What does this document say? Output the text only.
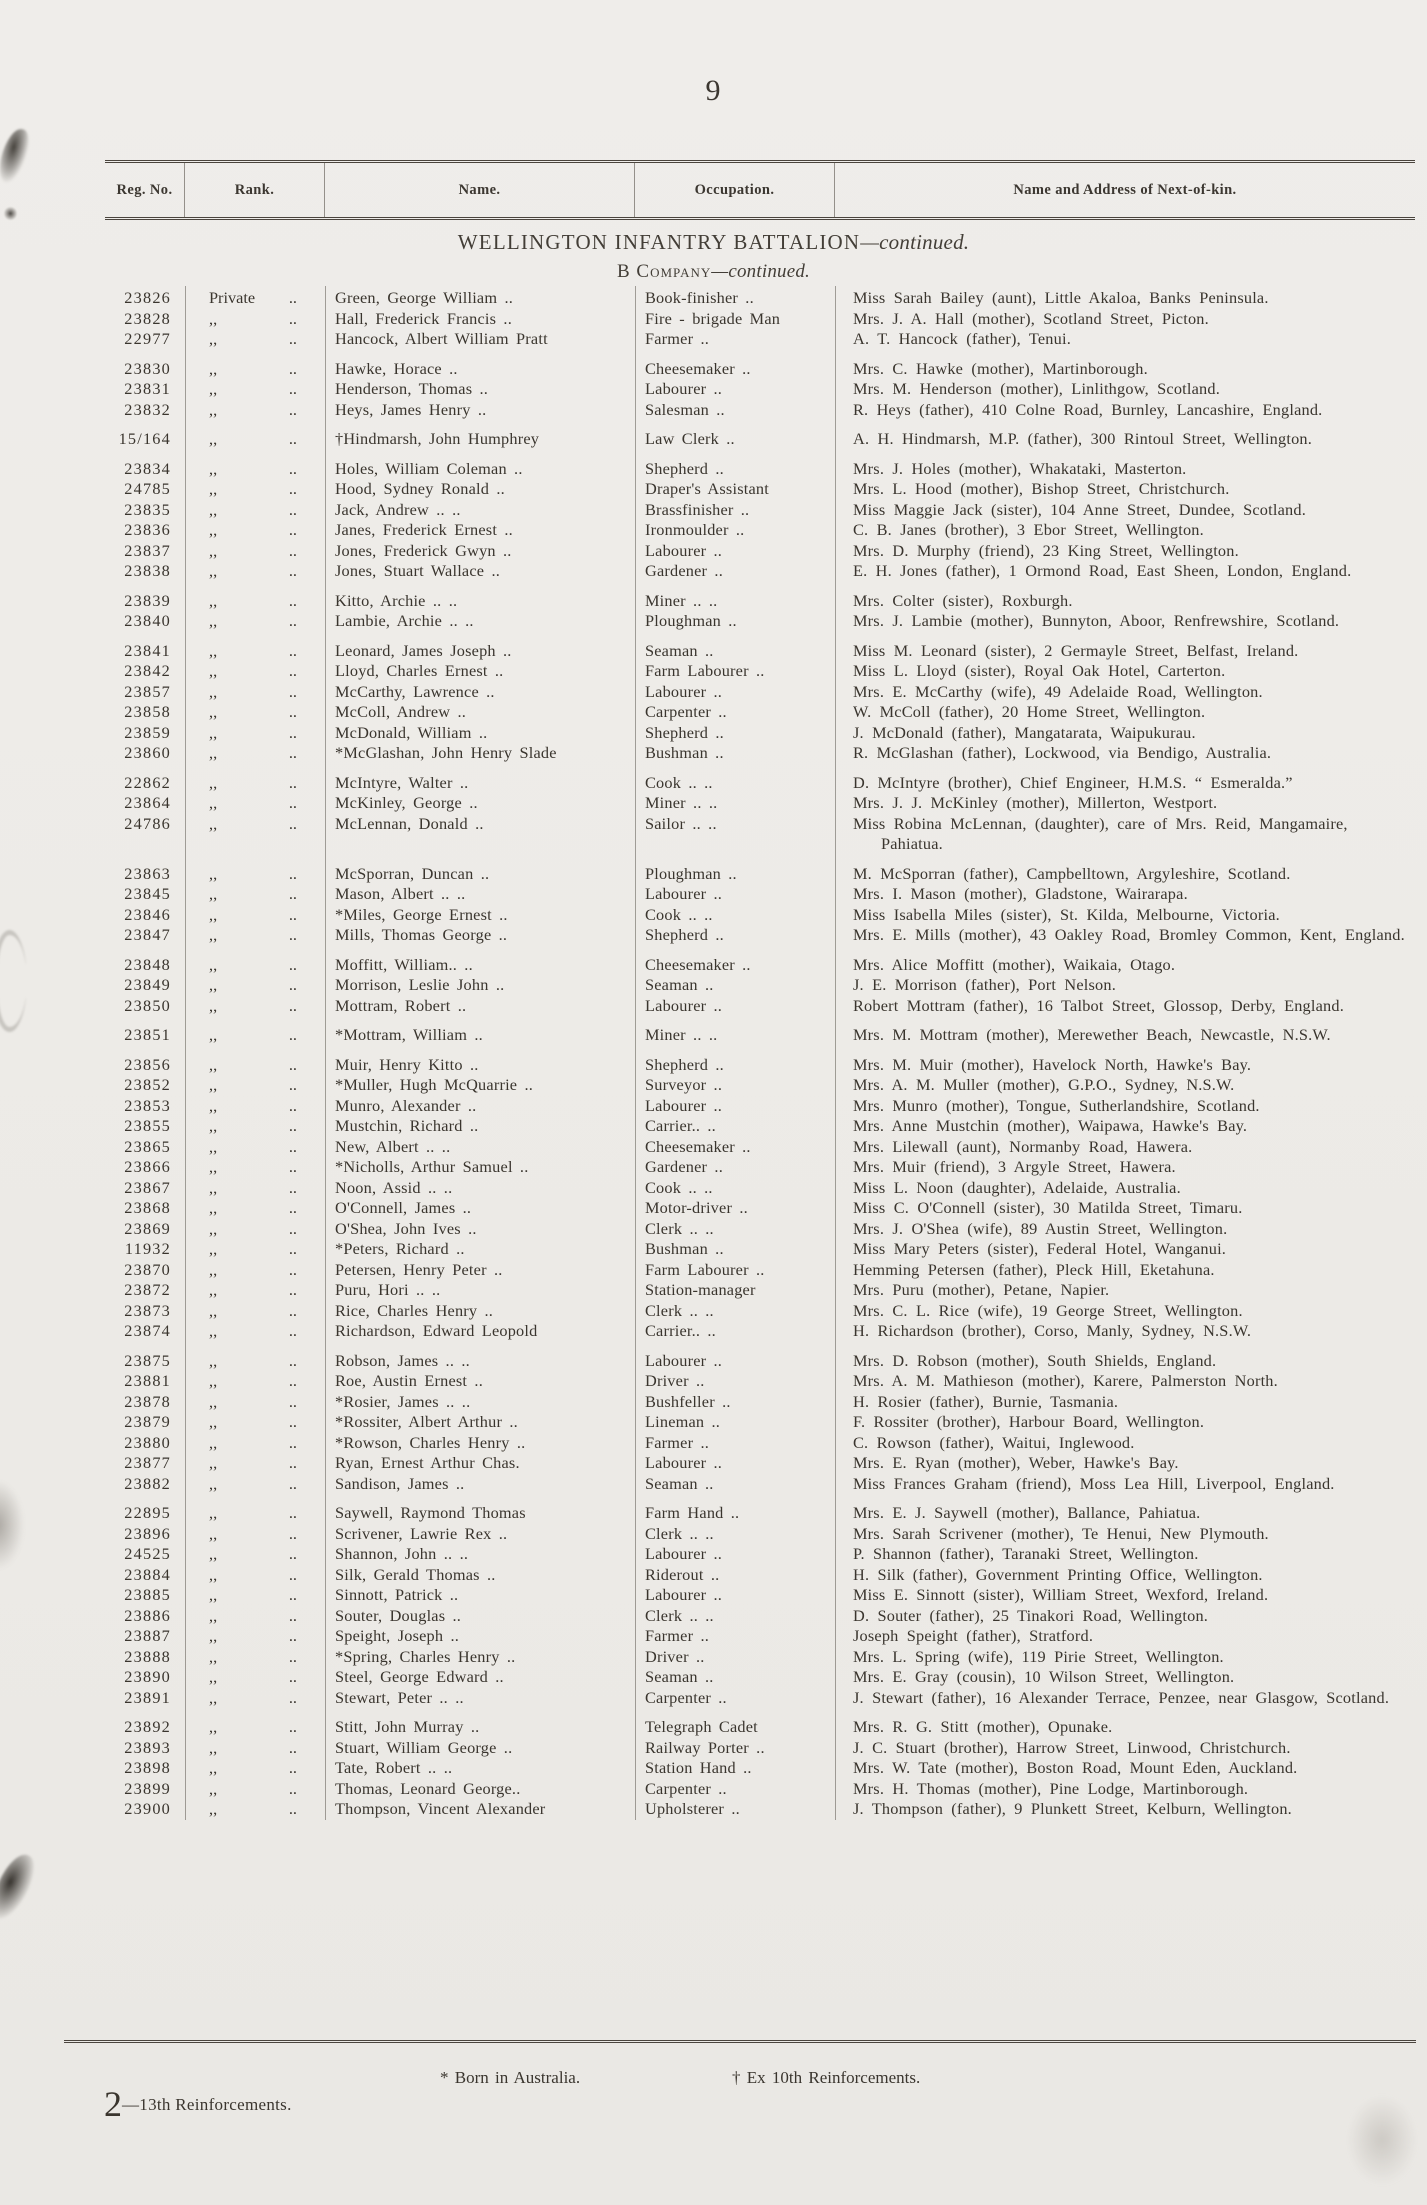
9
Reg. No.	Rank.	Name.	Occupation.	Name and Address of Next-of-kin.
WELLINGTON INFANTRY BATTALION—continued.
B Company—continued.
23826	Private ..	Green, George William ..	Book-finisher ..	Miss Sarah Bailey (aunt), Little Akaloa, Banks Peninsula.
23828	,,	..	Hall, Frederick Francis ..	Fire - brigade Man	Mrs. J. A. Hall (mother), Scotland Street, Picton.
22977	,,	..	Hancock, Albert William Pratt	Farmer ..	A. T. Hancock (father), Tenui.
23830	,,	..	Hawke, Horace ..	Cheesemaker ..	Mrs. C. Hawke (mother), Martinborough.
23831	,,	..	Henderson, Thomas ..	Labourer ..	Mrs. M. Henderson (mother), Linlithgow, Scotland.
23832	,,	..	Heys, James Henry ..	Salesman ..	R. Heys (father), 410 Colne Road, Burnley, Lancashire, England.
15/164	,,	..	†Hindmarsh, John Humphrey	Law Clerk ..	A. H. Hindmarsh, M.P. (father), 300 Rintoul Street, Wellington.
23834	,,	..	Holes, William Coleman ..	Shepherd ..	Mrs. J. Holes (mother), Whakataki, Masterton.
24785	,,	..	Hood, Sydney Ronald ..	Draper's Assistant	Mrs. L. Hood (mother), Bishop Street, Christchurch.
23835	,,	..	Jack, Andrew .. ..	Brassfinisher ..	Miss Maggie Jack (sister), 104 Anne Street, Dundee, Scotland.
23836	,,	..	Janes, Frederick Ernest ..	Ironmoulder ..	C. B. Janes (brother), 3 Ebor Street, Wellington.
23837	,,	..	Jones, Frederick Gwyn ..	Labourer ..	Mrs. D. Murphy (friend), 23 King Street, Wellington.
23838	,,	..	Jones, Stuart Wallace ..	Gardener ..	E. H. Jones (father), 1 Ormond Road, East Sheen, London, England.
23839	,,	..	Kitto, Archie .. ..	Miner .. ..	Mrs. Colter (sister), Roxburgh.
23840	,,	..	Lambie, Archie .. ..	Ploughman ..	Mrs. J. Lambie (mother), Bunnyton, Aboor, Renfrewshire, Scotland.
23841	,,	..	Leonard, James Joseph ..	Seaman ..	Miss M. Leonard (sister), 2 Germayle Street, Belfast, Ireland.
23842	,,	..	Lloyd, Charles Ernest ..	Farm Labourer ..	Miss L. Lloyd (sister), Royal Oak Hotel, Carterton.
23857	,,	..	McCarthy, Lawrence ..	Labourer ..	Mrs. E. McCarthy (wife), 49 Adelaide Road, Wellington.
23858	,,	..	McColl, Andrew ..	Carpenter ..	W. McColl (father), 20 Home Street, Wellington.
23859	,,	..	McDonald, William ..	Shepherd ..	J. McDonald (father), Mangatarata, Waipukurau.
23860	,,	..	*McGlashan, John Henry Slade	Bushman ..	R. McGlashan (father), Lockwood, via Bendigo, Australia.
22862	,,	..	McIntyre, Walter ..	Cook .. ..	D. McIntyre (brother), Chief Engineer, H.M.S. “ Esmeralda.”
23864	,,	..	McKinley, George ..	Miner .. ..	Mrs. J. J. McKinley (mother), Millerton, Westport.
24786	,,	..	McLennan, Donald ..	Sailor .. ..	Miss Robina McLennan, (daughter), care of Mrs. Reid, Mangamaire, Pahiatua.
23863	,,	..	McSporran, Duncan ..	Ploughman ..	M. McSporran (father), Campbelltown, Argyleshire, Scotland.
23845	,,	..	Mason, Albert .. ..	Labourer ..	Mrs. I. Mason (mother), Gladstone, Wairarapa.
23846	,,	..	*Miles, George Ernest ..	Cook .. ..	Miss Isabella Miles (sister), St. Kilda, Melbourne, Victoria.
23847	,,	..	Mills, Thomas George ..	Shepherd ..	Mrs. E. Mills (mother), 43 Oakley Road, Bromley Common, Kent, England.
23848	,,	..	Moffitt, William.. ..	Cheesemaker ..	Mrs. Alice Moffitt (mother), Waikaia, Otago.
23849	,,	..	Morrison, Leslie John ..	Seaman ..	J. E. Morrison (father), Port Nelson.
23850	,,	..	Mottram, Robert ..	Labourer ..	Robert Mottram (father), 16 Talbot Street, Glossop, Derby, England.
23851	,,	..	*Mottram, William ..	Miner .. ..	Mrs. M. Mottram (mother), Merewether Beach, Newcastle, N.S.W.
23856	,,	..	Muir, Henry Kitto ..	Shepherd ..	Mrs. M. Muir (mother), Havelock North, Hawke's Bay.
23852	,,	..	*Muller, Hugh McQuarrie ..	Surveyor ..	Mrs. A. M. Muller (mother), G.P.O., Sydney, N.S.W.
23853	,,	..	Munro, Alexander ..	Labourer ..	Mrs. Munro (mother), Tongue, Sutherlandshire, Scotland.
23855	,,	..	Mustchin, Richard ..	Carrier.. ..	Mrs. Anne Mustchin (mother), Waipawa, Hawke's Bay.
23865	,,	..	New, Albert .. ..	Cheesemaker ..	Mrs. Lilewall (aunt), Normanby Road, Hawera.
23866	,,	..	*Nicholls, Arthur Samuel ..	Gardener ..	Mrs. Muir (friend), 3 Argyle Street, Hawera.
23867	,,	..	Noon, Assid .. ..	Cook .. ..	Miss L. Noon (daughter), Adelaide, Australia.
23868	,,	..	O'Connell, James ..	Motor-driver ..	Miss C. O'Connell (sister), 30 Matilda Street, Timaru.
23869	,,	..	O'Shea, John Ives ..	Clerk .. ..	Mrs. J. O'Shea (wife), 89 Austin Street, Wellington.
11932	,,	..	*Peters, Richard ..	Bushman ..	Miss Mary Peters (sister), Federal Hotel, Wanganui.
23870	,,	..	Petersen, Henry Peter ..	Farm Labourer ..	Hemming Petersen (father), Pleck Hill, Eketahuna.
23872	,,	..	Puru, Hori .. ..	Station-manager	Mrs. Puru (mother), Petane, Napier.
23873	,,	..	Rice, Charles Henry ..	Clerk .. ..	Mrs. C. L. Rice (wife), 19 George Street, Wellington.
23874	,,	..	Richardson, Edward Leopold	Carrier.. ..	H. Richardson (brother), Corso, Manly, Sydney, N.S.W.
23875	,,	..	Robson, James .. ..	Labourer ..	Mrs. D. Robson (mother), South Shields, England.
23881	,,	..	Roe, Austin Ernest ..	Driver ..	Mrs. A. M. Mathieson (mother), Karere, Palmerston North.
23878	,,	..	*Rosier, James .. ..	Bushfeller ..	H. Rosier (father), Burnie, Tasmania.
23879	,,	..	*Rossiter, Albert Arthur ..	Lineman ..	F. Rossiter (brother), Harbour Board, Wellington.
23880	,,	..	*Rowson, Charles Henry ..	Farmer ..	C. Rowson (father), Waitui, Inglewood.
23877	,,	..	Ryan, Ernest Arthur Chas.	Labourer ..	Mrs. E. Ryan (mother), Weber, Hawke's Bay.
23882	,,	..	Sandison, James ..	Seaman ..	Miss Frances Graham (friend), Moss Lea Hill, Liverpool, England.
22895	,,	..	Saywell, Raymond Thomas	Farm Hand ..	Mrs. E. J. Saywell (mother), Ballance, Pahiatua.
23896	,,	..	Scrivener, Lawrie Rex ..	Clerk .. ..	Mrs. Sarah Scrivener (mother), Te Henui, New Plymouth.
24525	,,	..	Shannon, John .. ..	Labourer ..	P. Shannon (father), Taranaki Street, Wellington.
23884	,,	..	Silk, Gerald Thomas ..	Riderout ..	H. Silk (father), Government Printing Office, Wellington.
23885	,,	..	Sinnott, Patrick ..	Labourer ..	Miss E. Sinnott (sister), William Street, Wexford, Ireland.
23886	,,	..	Souter, Douglas ..	Clerk .. ..	D. Souter (father), 25 Tinakori Road, Wellington.
23887	,,	..	Speight, Joseph ..	Farmer ..	Joseph Speight (father), Stratford.
23888	,,	..	*Spring, Charles Henry ..	Driver ..	Mrs. L. Spring (wife), 119 Pirie Street, Wellington.
23890	,,	..	Steel, George Edward ..	Seaman ..	Mrs. E. Gray (cousin), 10 Wilson Street, Wellington.
23891	,,	..	Stewart, Peter .. ..	Carpenter ..	J. Stewart (father), 16 Alexander Terrace, Penzee, near Glasgow, Scotland.
23892	,,	..	Stitt, John Murray ..	Telegraph Cadet	Mrs. R. G. Stitt (mother), Opunake.
23893	,,	..	Stuart, William George ..	Railway Porter ..	J. C. Stuart (brother), Harrow Street, Linwood, Christchurch.
23898	,,	..	Tate, Robert .. ..	Station Hand ..	Mrs. W. Tate (mother), Boston Road, Mount Eden, Auckland.
23899	,,	..	Thomas, Leonard George..	Carpenter ..	Mrs. H. Thomas (mother), Pine Lodge, Martinborough.
23900	,,	..	Thompson, Vincent Alexander	Upholsterer ..	J. Thompson (father), 9 Plunkett Street, Kelburn, Wellington.
* Born in Australia.	† Ex 10th Reinforcements.
2—13th Reinforcements.
